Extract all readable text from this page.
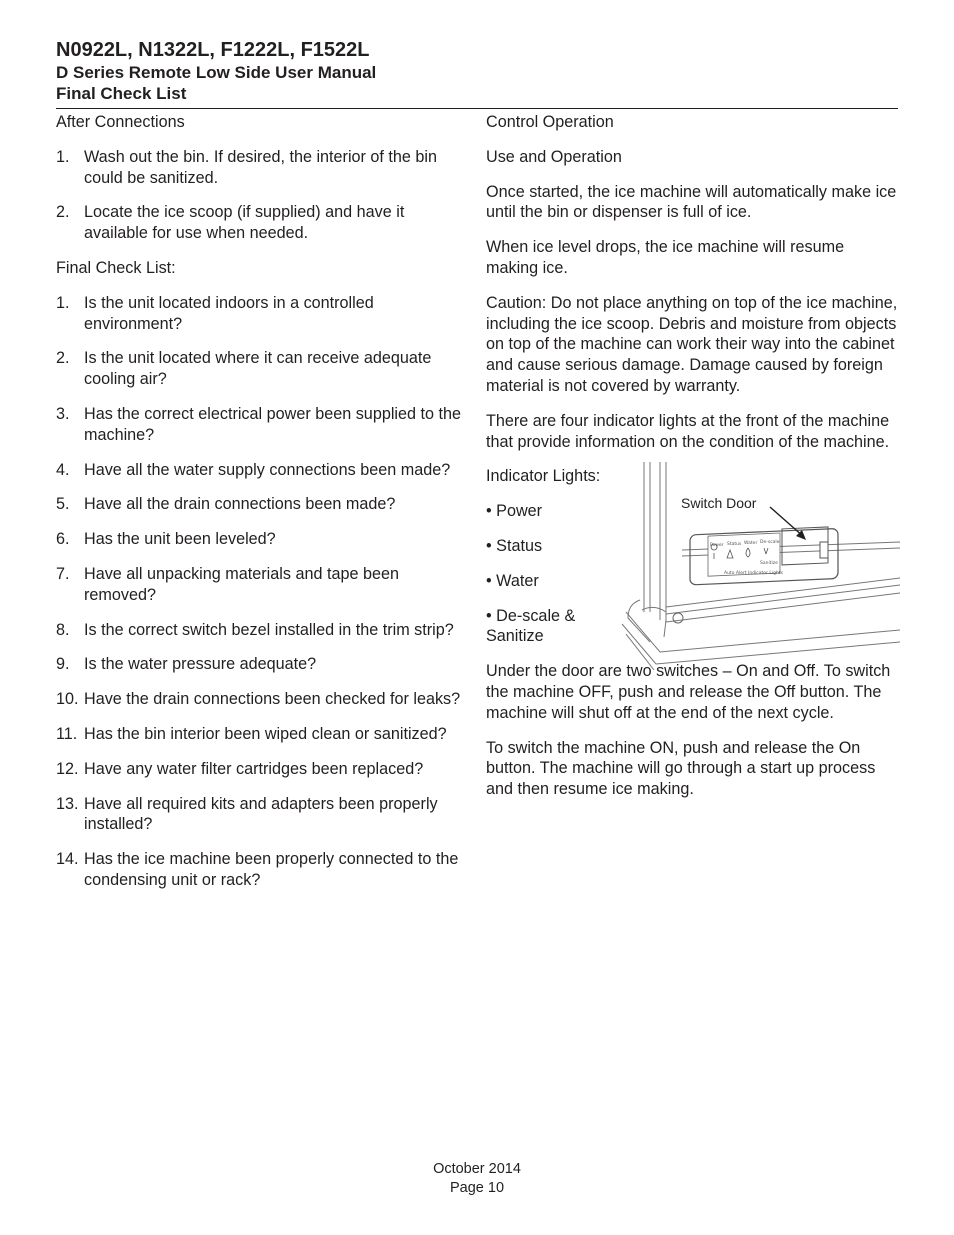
N0922L, N1322L, F1222L, F1522L

D Series Remote Low Side User Manual

Final Check List

After Connections

1. Wash out the bin. If desired, the interior of the bin could be sanitized.
2. Locate the ice scoop (if supplied) and have it available for use when needed.

Final Check List:

1. Is the unit located indoors in a controlled environment?
2. Is the unit located where it can receive adequate cooling air?
3. Has the correct electrical power been supplied to the machine?
4. Have all the water supply connections been made?
5. Have all the drain connections been made?
6. Has the unit been leveled?
7. Have all unpacking materials and tape been removed?
8. Is the correct switch bezel installed in the trim strip?
9. Is the water pressure adequate?
10. Have the drain connections been checked for leaks?
11. Has the bin interior been wiped clean or sanitized?
12. Have any water filter cartridges been replaced?
13. Have all required kits and adapters been properly installed?
14. Has the ice machine been properly connected to the condensing unit or rack?

Control Operation

Use and Operation

Once started, the ice machine will automatically make ice until the bin or dispenser is full of ice.

When ice level drops, the ice machine will resume making ice.

Caution: Do not place anything on top of the ice machine, including the ice scoop. Debris and moisture from objects on top of the machine can work their way into the cabinet and cause serious damage. Damage caused by foreign material is not covered by warranty.

There are four indicator lights at the front of the machine that provide information on the condition of the machine.

Indicator Lights:

• Power

• Status

• Water

• De-scale & Sanitize

Under the door are two switches – On and Off. To switch the machine OFF, push and release the Off button. The machine will shut off at the end of the next cycle.

To switch the machine ON, push and release the On button. The machine will go through a start up process and then resume ice making.

Power Status Water De-scale
Sanitize
Auto Alert Indicator Lights
Switch Door
October 2014
Page 10
